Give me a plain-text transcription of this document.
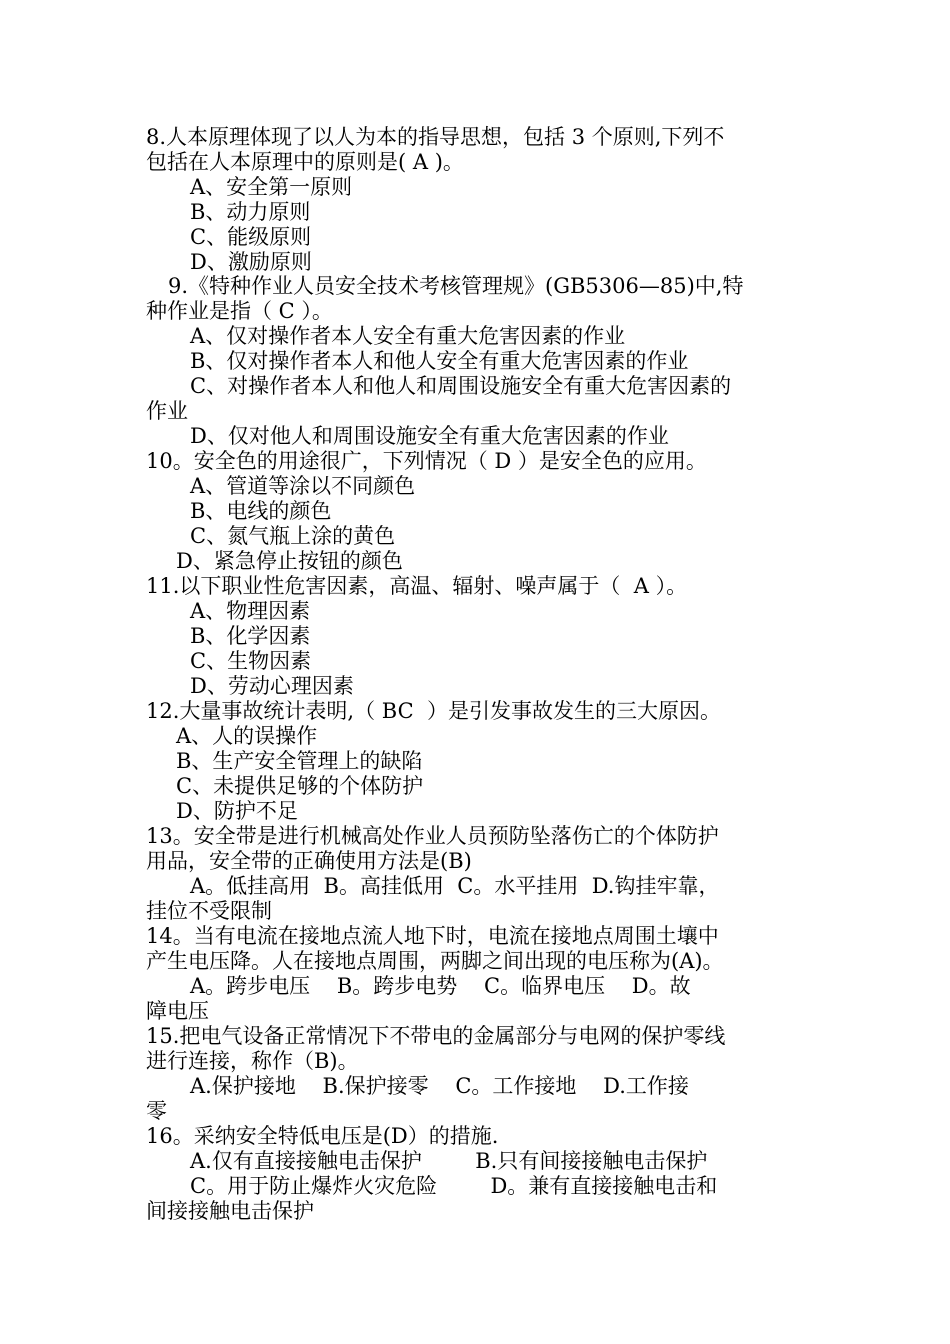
8.人本原理体现了以人为本的指导思想，包括 3 个原则,下列不
包括在人本原理中的原则是( A )。
A、安全第一原则
B、动力原则
C、能级原则
D、激励原则
9.《特种作业人员安全技术考核管理规》(GB5306—85)中,特
种作业是指（ C ）。
A、仅对操作者本人安全有重大危害因素的作业
B、仅对操作者本人和他人安全有重大危害因素的作业
C、对操作者本人和他人和周围设施安全有重大危害因素的
作业
D、仅对他人和周围设施安全有重大危害因素的作业
10。安全色的用途很广，下列情况（ D ）是安全色的应用。
A、管道等涂以不同颜色
B、电线的颜色
C、氮气瓶上涂的黄色
D、紧急停止按钮的颜色
11.以下职业性危害因素，高温、辐射、噪声属于（  A ）。
A、物理因素
B、化学因素
C、生物因素
D、劳动心理因素
12.大量事故统计表明,（ BC  ）是引发事故发生的三大原因。
A、人的误操作
B、生产安全管理上的缺陷
C、未提供足够的个体防护
D、防护不足
13。安全带是进行机械高处作业人员预防坠落伤亡的个体防护
用品，安全带的正确使用方法是(B)
A。低挂高用  B。高挂低用  C。水平挂用  D.钩挂牢靠，
挂位不受限制
14。当有电流在接地点流人地下时，电流在接地点周围土壤中
产生电压降。人在接地点周围，两脚之间出现的电压称为(A)。
A。跨步电压    B。跨步电势    C。临界电压    D。故
障电压
15.把电气设备正常情况下不带电的金属部分与电网的保护零线
进行连接，称作（B)。
A.保护接地    B.保护接零    C。工作接地    D.工作接
零
16。采纳安全特低电压是(D）的措施.
A.仅有直接接触电击保护        B.只有间接接触电击保护
C。用于防止爆炸火灾危险        D。兼有直接接触电击和
间接接触电击保护
